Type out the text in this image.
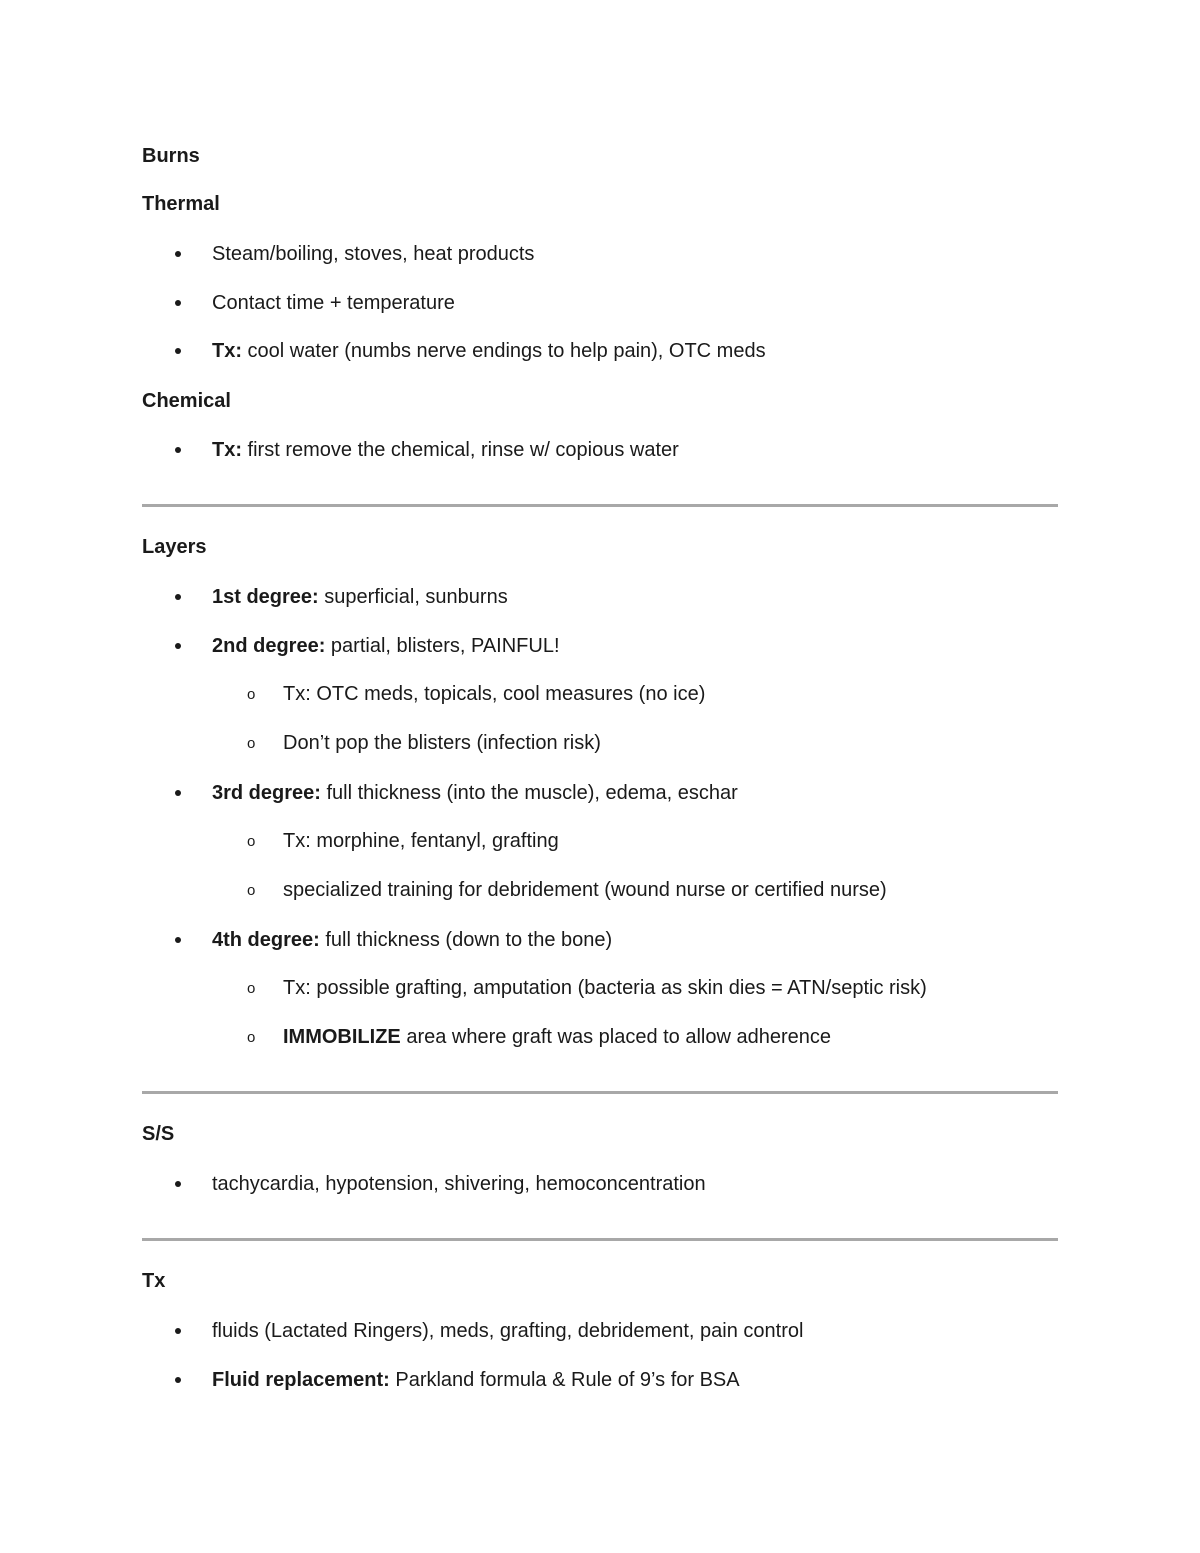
Burns
Thermal
Steam/boiling, stoves, heat products
Contact time + temperature
Tx: cool water (numbs nerve endings to help pain), OTC meds
Chemical
Tx: first remove the chemical, rinse w/ copious water
Layers
1st degree: superficial, sunburns
2nd degree: partial, blisters, PAINFUL!
o Tx: OTC meds, topicals, cool measures (no ice)
o Don’t pop the blisters (infection risk)
3rd degree: full thickness (into the muscle), edema, eschar
o Tx: morphine, fentanyl, grafting
o specialized training for debridement (wound nurse or certified nurse)
4th degree: full thickness (down to the bone)
o Tx: possible grafting, amputation (bacteria as skin dies = ATN/septic risk)
o IMMOBILIZE area where graft was placed to allow adherence
S/S
tachycardia, hypotension, shivering, hemoconcentration
Tx
fluids (Lactated Ringers), meds, grafting, debridement, pain control
Fluid replacement: Parkland formula & Rule of 9’s for BSA
